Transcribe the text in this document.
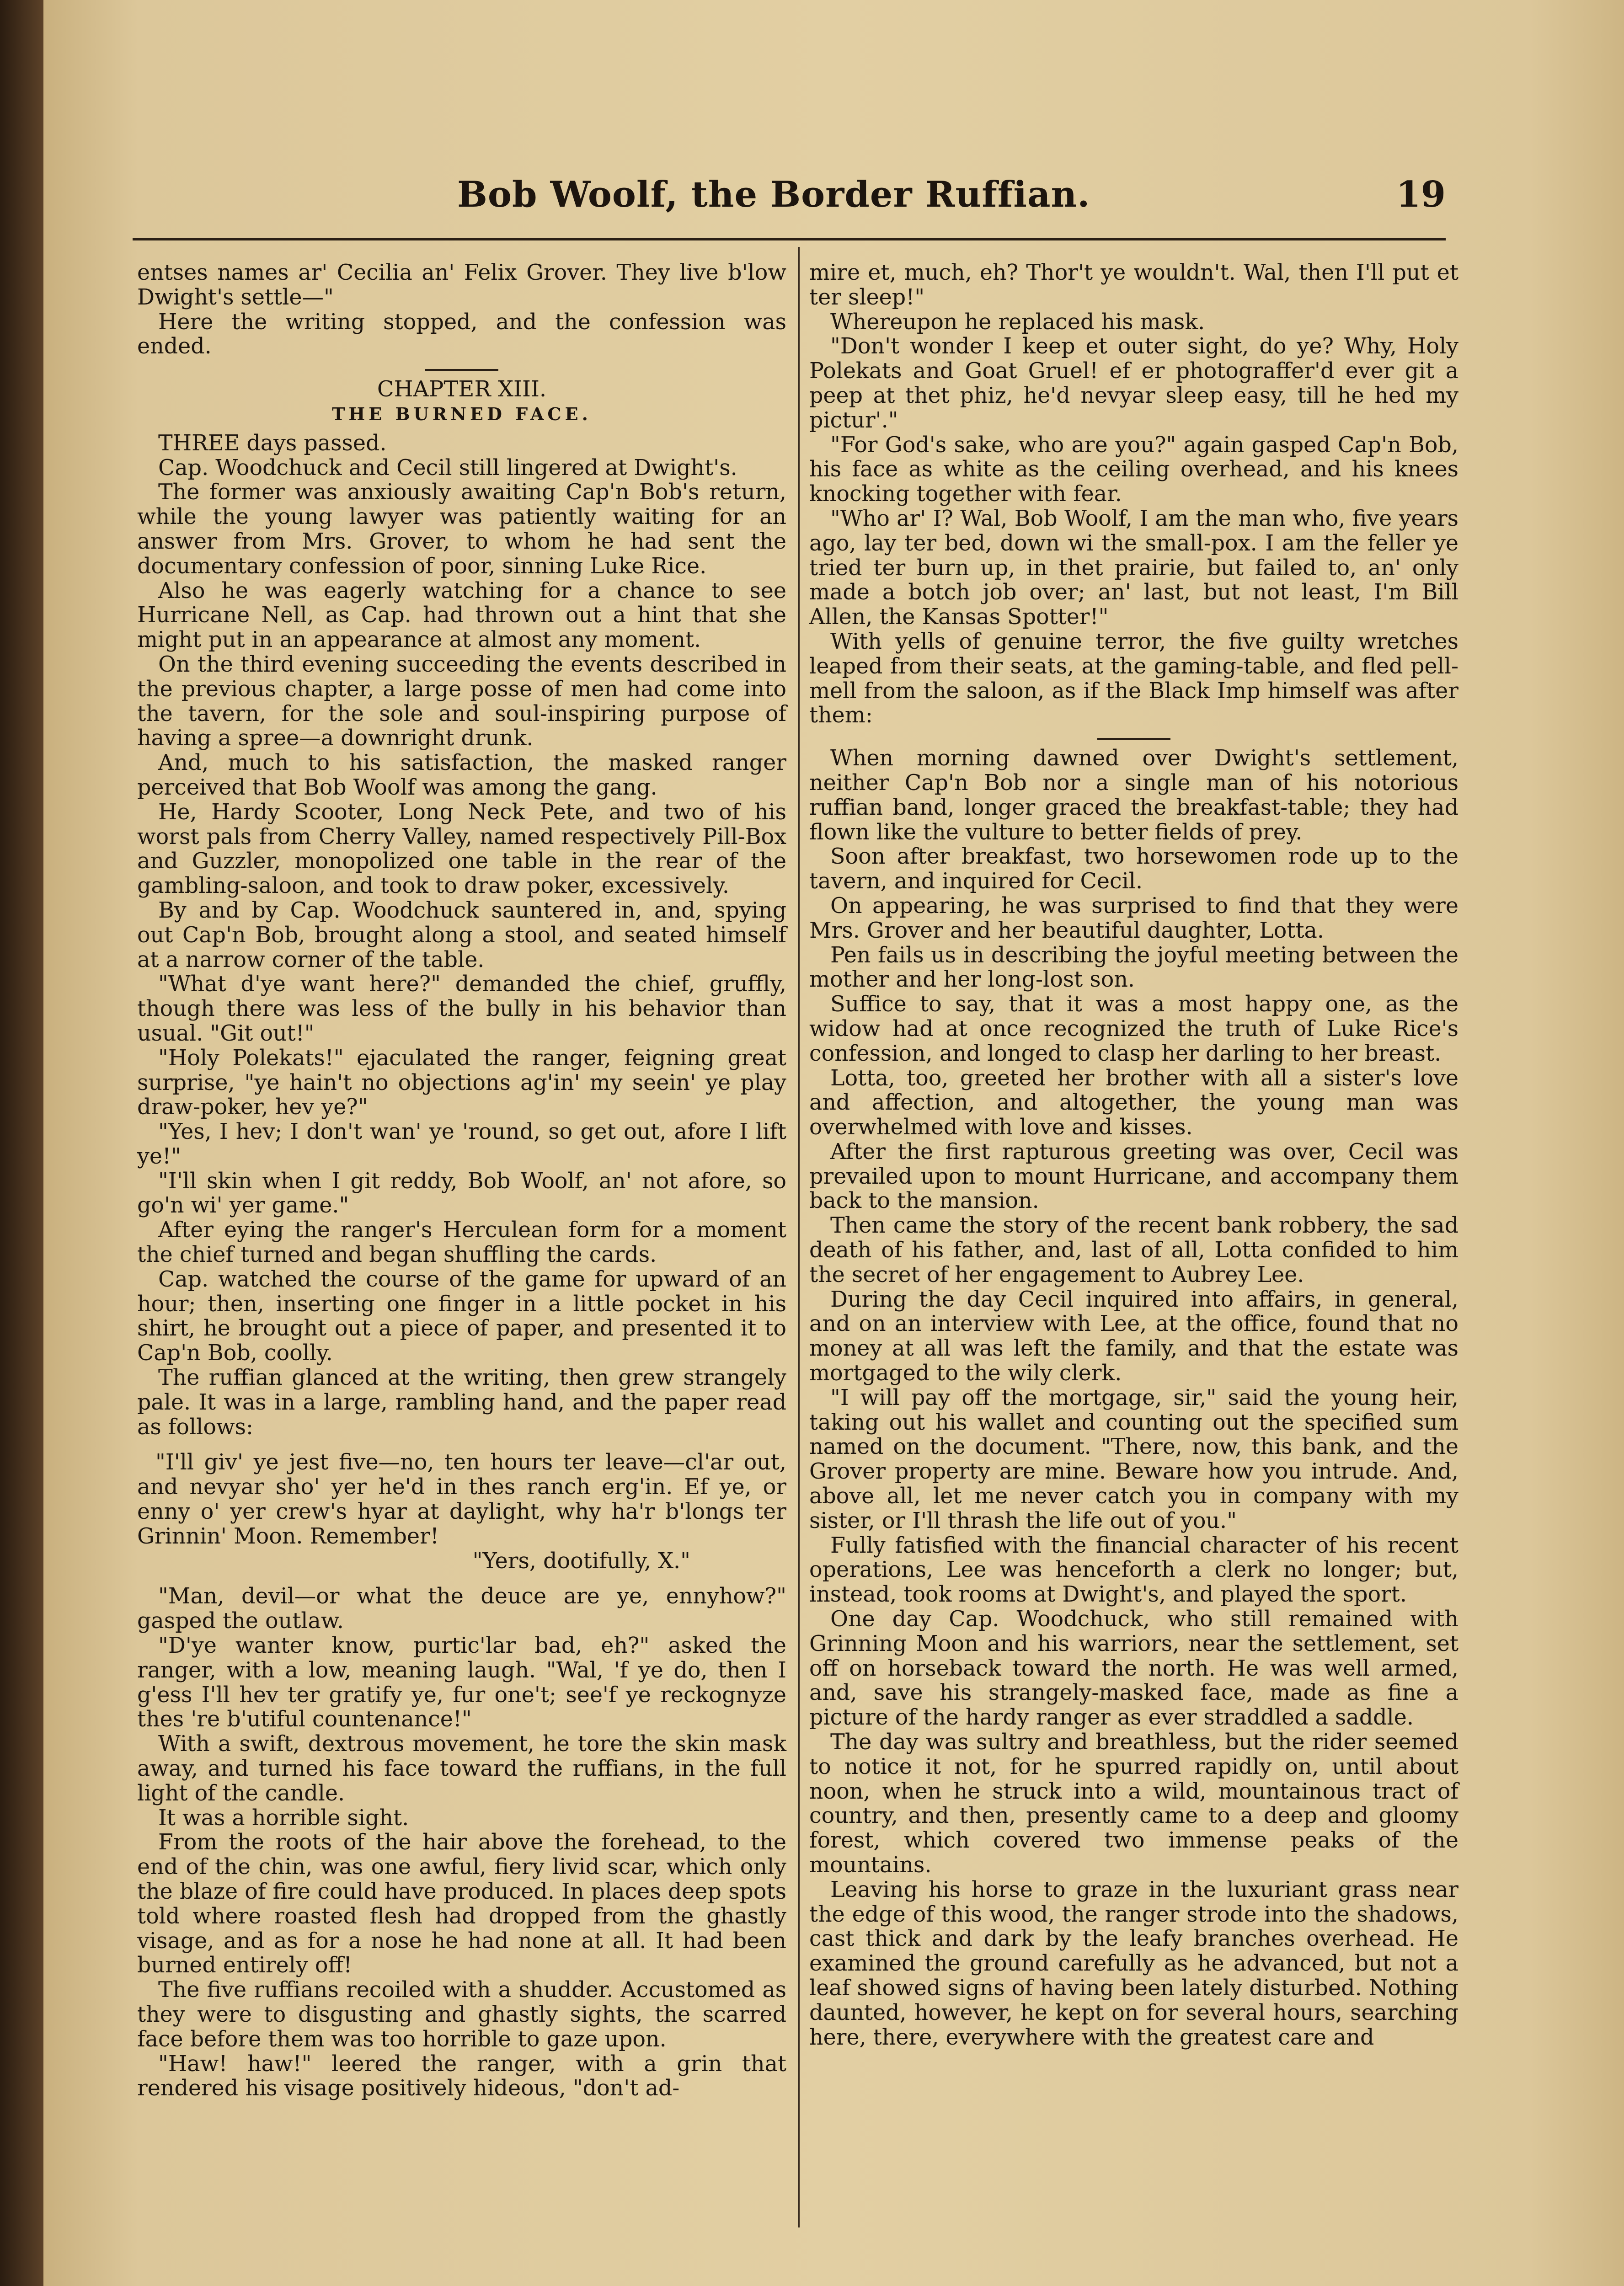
Bob Woolf, the Border Ruffian.	19

entses names ar' Cecilia an' Felix Grover. They live b'low Dwight's settle—"

Here the writing stopped, and the confession was ended.

CHAPTER XIII.
THE BURNED FACE.

THREE days passed.

Cap. Woodchuck and Cecil still lingered at Dwight's.

The former was anxiously awaiting Cap'n Bob's return, while the young lawyer was patiently waiting for an answer from Mrs. Grover, to whom he had sent the documentary confession of poor, sinning Luke Rice.

Also he was eagerly watching for a chance to see Hurricane Nell, as Cap. had thrown out a hint that she might put in an appearance at almost any moment.

On the third evening succeeding the events described in the previous chapter, a large posse of men had come into the tavern, for the sole and soul-inspiring purpose of having a spree—a downright drunk.

And, much to his satisfaction, the masked ranger perceived that Bob Woolf was among the gang.

He, Hardy Scooter, Long Neck Pete, and two of his worst pals from Cherry Valley, named respectively Pill-Box and Guzzler, monopolized one table in the rear of the gambling-saloon, and took to draw poker, excessively.

By and by Cap. Woodchuck sauntered in, and, spying out Cap'n Bob, brought along a stool, and seated himself at a narrow corner of the table.

"What d'ye want here?" demanded the chief, gruffly, though there was less of the bully in his behavior than usual. "Git out!"

"Holy Polekats!" ejaculated the ranger, feigning great surprise, "ye hain't no objections ag'in' my seein' ye play draw-poker, hev ye?"

"Yes, I hev; I don't wan' ye 'round, so get out, afore I lift ye!"

"I'll skin when I git reddy, Bob Woolf, an' not afore, so go'n wi' yer game."

After eying the ranger's Herculean form for a moment the chief turned and began shuffling the cards.

Cap. watched the course of the game for upward of an hour; then, inserting one finger in a little pocket in his shirt, he brought out a piece of paper, and presented it to Cap'n Bob, coolly.

The ruffian glanced at the writing, then grew strangely pale. It was in a large, rambling hand, and the paper read as follows:

"I'll giv' ye jest five—no, ten hours ter leave—cl'ar out, and nevyar sho' yer he'd in thes ranch erg'in. Ef ye, or enny o' yer crew's hyar at daylight, why ha'r b'longs ter Grinnin' Moon. Remember!

"Yers, dootifully, X."

"Man, devil—or what the deuce are ye, ennyhow?" gasped the outlaw.

"D'ye wanter know, purtic'lar bad, eh?" asked the ranger, with a low, meaning laugh. "Wal, 'f ye do, then I g'ess I'll hev ter gratify ye, fur one't; see'f ye reckognyze thes 're b'utiful countenance!"

With a swift, dextrous movement, he tore the skin mask away, and turned his face toward the ruffians, in the full light of the candle.

It was a horrible sight.

From the roots of the hair above the forehead, to the end of the chin, was one awful, fiery livid scar, which only the blaze of fire could have produced. In places deep spots told where roasted flesh had dropped from the ghastly visage, and as for a nose he had none at all. It had been burned entirely off!

The five ruffians recoiled with a shudder. Accustomed as they were to disgusting and ghastly sights, the scarred face before them was too horrible to gaze upon.

"Haw! haw!" leered the ranger, with a grin that rendered his visage positively hideous, "don't ad-

mire et, much, eh? Thor't ye wouldn't. Wal, then I'll put et ter sleep!"

Whereupon he replaced his mask.

"Don't wonder I keep et outer sight, do ye? Why, Holy Polekats and Goat Gruel! ef er photograffer'd ever git a peep at thet phiz, he'd nevyar sleep easy, till he hed my pictur'."

"For God's sake, who are you?" again gasped Cap'n Bob, his face as white as the ceiling overhead, and his knees knocking together with fear.

"Who ar' I? Wal, Bob Woolf, I am the man who, five years ago, lay ter bed, down wi the small-pox. I am the feller ye tried ter burn up, in thet prairie, but failed to, an' only made a botch job over; an' last, but not least, I'm Bill Allen, the Kansas Spotter!"

With yells of genuine terror, the five guilty wretches leaped from their seats, at the gaming-table, and fled pell-mell from the saloon, as if the Black Imp himself was after them:

When morning dawned over Dwight's settlement, neither Cap'n Bob nor a single man of his notorious ruffian band, longer graced the breakfast-table; they had flown like the vulture to better fields of prey.

Soon after breakfast, two horsewomen rode up to the tavern, and inquired for Cecil.

On appearing, he was surprised to find that they were Mrs. Grover and her beautiful daughter, Lotta.

Pen fails us in describing the joyful meeting between the mother and her long-lost son.

Suffice to say, that it was a most happy one, as the widow had at once recognized the truth of Luke Rice's confession, and longed to clasp her darling to her breast.

Lotta, too, greeted her brother with all a sister's love and affection, and altogether, the young man was overwhelmed with love and kisses.

After the first rapturous greeting was over, Cecil was prevailed upon to mount Hurricane, and accompany them back to the mansion.

Then came the story of the recent bank robbery, the sad death of his father, and, last of all, Lotta confided to him the secret of her engagement to Aubrey Lee.

During the day Cecil inquired into affairs, in general, and on an interview with Lee, at the office, found that no money at all was left the family, and that the estate was mortgaged to the wily clerk.

"I will pay off the mortgage, sir," said the young heir, taking out his wallet and counting out the specified sum named on the document. "There, now, this bank, and the Grover property are mine. Beware how you intrude. And, above all, let me never catch you in company with my sister, or I'll thrash the life out of you."

Fully fatisfied with the financial character of his recent operations, Lee was henceforth a clerk no longer; but, instead, took rooms at Dwight's, and played the sport.

One day Cap. Woodchuck, who still remained with Grinning Moon and his warriors, near the settlement, set off on horseback toward the north. He was well armed, and, save his strangely-masked face, made as fine a picture of the hardy ranger as ever straddled a saddle.

The day was sultry and breathless, but the rider seemed to notice it not, for he spurred rapidly on, until about noon, when he struck into a wild, mountainous tract of country, and then, presently came to a deep and gloomy forest, which covered two immense peaks of the mountains.

Leaving his horse to graze in the luxuriant grass near the edge of this wood, the ranger strode into the shadows, cast thick and dark by the leafy branches overhead. He examined the ground carefully as he advanced, but not a leaf showed signs of having been lately disturbed. Nothing daunted, however, he kept on for several hours, searching here, there, everywhere with the greatest care and
